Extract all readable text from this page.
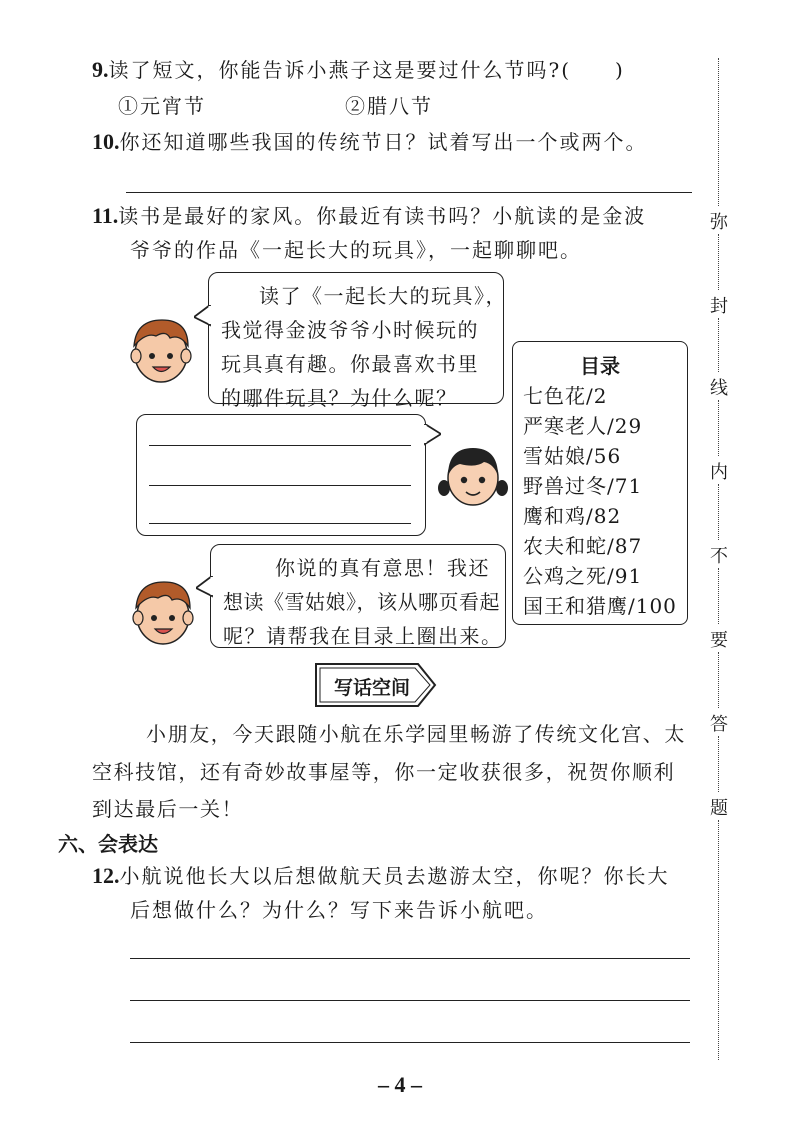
9.读了短文，你能告诉小燕子这是要过什么节吗?(　　)
①元宵节	②腊八节
10.你还知道哪些我国的传统节日？试着写出一个或两个。
11.读书是最好的家风。你最近有读书吗？小航读的是金波
爷爷的作品《一起长大的玩具》，一起聊聊吧。

读了《一起长大的玩具》，

我觉得金波爷爷小时候玩的

玩具真有趣。你最喜欢书里

的哪件玩具？为什么呢？

目录
七色花/2
严寒老人/29
雪姑娘/56
野兽过冬/71
鹰和鸡/82
农夫和蛇/87
公鸡之死/91
国王和猎鹰/100

你说的真有意思！我还

想读《雪姑娘》，该从哪页看起

呢？请帮我在目录上圈出来。

写话空间
小朋友，今天跟随小航在乐学园里畅游了传统文化宫、太
空科技馆，还有奇妙故事屋等，你一定收获很多，祝贺你顺利
到达最后一关！
六、会表达
12.小航说他长大以后想做航天员去遨游太空，你呢？你长大
后想做什么？为什么？写下来告诉小航吧。
– 4 –
弥
封
线
内
不
要
答
题
